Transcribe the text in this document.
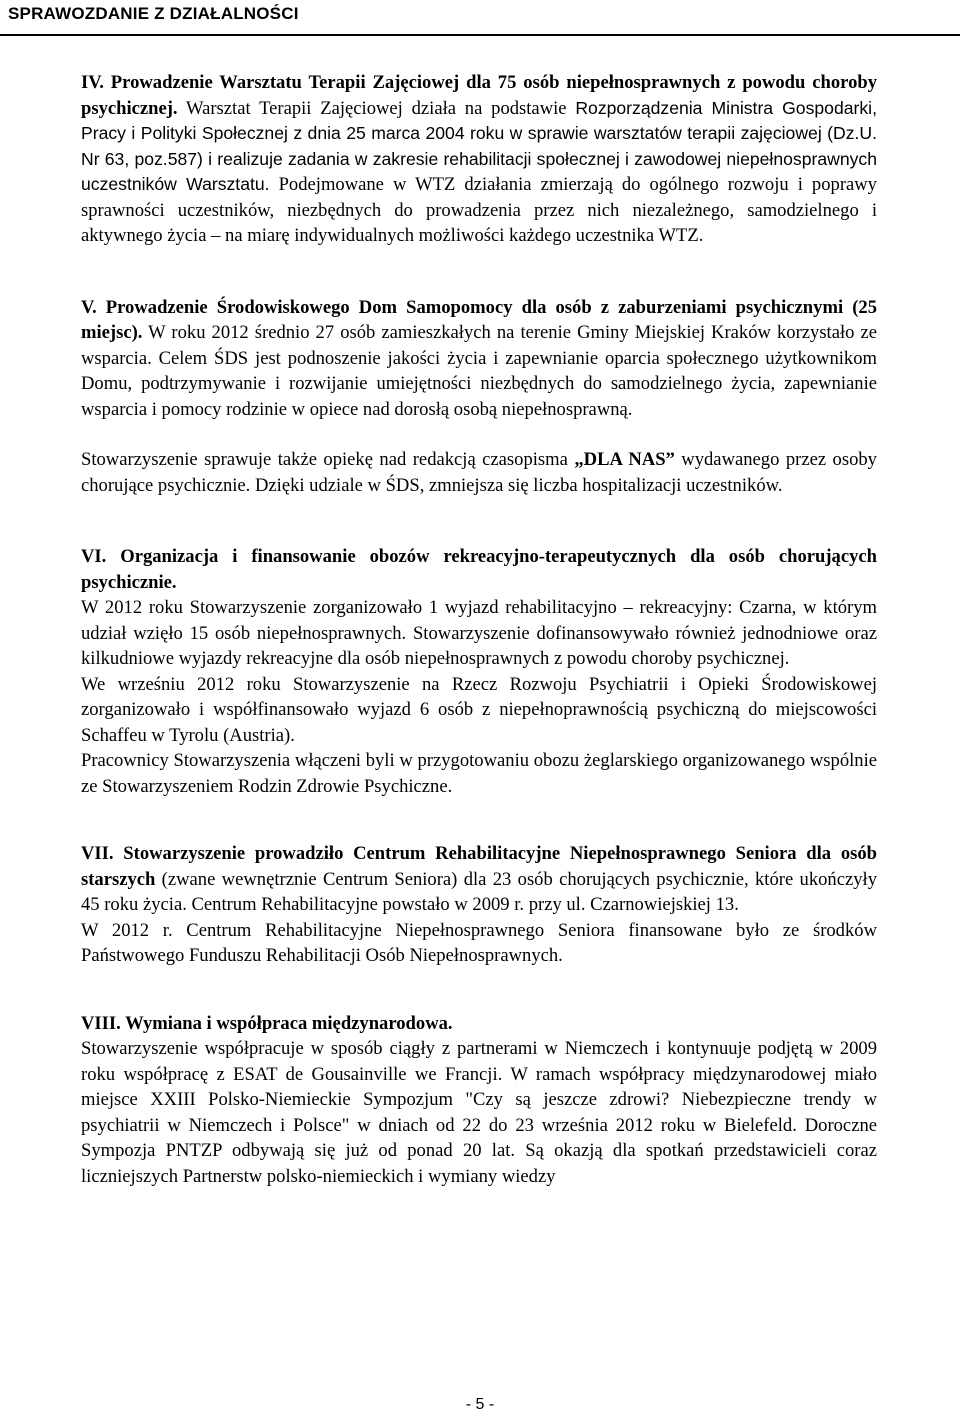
SPRAWOZDANIE Z DZIAŁALNOŚCI

IV. Prowadzenie Warsztatu Terapii Zajęciowej dla 75 osób niepełnosprawnych z powodu choroby psychicznej. Warsztat Terapii Zajęciowej działa na podstawie Rozporządzenia Ministra Gospodarki, Pracy i Polityki Społecznej z dnia 25 marca 2004 roku w sprawie warsztatów terapii zajęciowej (Dz.U. Nr 63, poz.587) i realizuje zadania w zakresie rehabilitacji społecznej i zawodowej niepełnosprawnych uczestników Warsztatu. Podejmowane w WTZ działania zmierzają do ogólnego rozwoju i poprawy sprawności uczestników, niezbędnych do prowadzenia przez nich niezależnego, samodzielnego i aktywnego życia – na miarę indywidualnych możliwości każdego uczestnika WTZ.

V. Prowadzenie Środowiskowego Dom Samopomocy dla osób z zaburzeniami psychicznymi (25 miejsc). W roku 2012 średnio 27 osób zamieszkałych na terenie Gminy Miejskiej Kraków korzystało ze wsparcia. Celem ŚDS jest podnoszenie jakości życia i zapewnianie oparcia społecznego użytkownikom Domu, podtrzymywanie i rozwijanie umiejętności niezbędnych do samodzielnego życia, zapewnianie wsparcia i pomocy rodzinie w opiece nad dorosłą osobą niepełnosprawną.

Stowarzyszenie sprawuje także opiekę nad redakcją czasopisma „DLA NAS” wydawanego przez osoby chorujące psychicznie. Dzięki udziale w ŚDS, zmniejsza się liczba hospitalizacji uczestników.

VI. Organizacja i finansowanie obozów rekreacyjno-terapeutycznych dla osób chorujących psychicznie.

W 2012 roku Stowarzyszenie zorganizowało 1 wyjazd rehabilitacyjno – rekreacyjny: Czarna, w którym udział wzięło 15 osób niepełnosprawnych. Stowarzyszenie dofinansowywało również jednodniowe oraz kilkudniowe wyjazdy rekreacyjne dla osób niepełnosprawnych z powodu choroby psychicznej.

We wrześniu 2012 roku Stowarzyszenie na Rzecz Rozwoju Psychiatrii i Opieki Środowiskowej zorganizowało i współfinansowało wyjazd 6 osób z niepełnoprawnością psychiczną do miejscowości Schaffeu w Tyrolu (Austria).

Pracownicy Stowarzyszenia włączeni byli w przygotowaniu obozu żeglarskiego organizowanego wspólnie ze Stowarzyszeniem Rodzin Zdrowie Psychiczne.

VII. Stowarzyszenie prowadziło Centrum Rehabilitacyjne Niepełnosprawnego Seniora dla osób starszych (zwane wewnętrznie Centrum Seniora) dla 23 osób chorujących psychicznie, które ukończyły 45 roku życia. Centrum Rehabilitacyjne powstało w 2009 r. przy ul. Czarnowiejskiej 13.

W 2012 r. Centrum Rehabilitacyjne Niepełnosprawnego Seniora finansowane było ze środków Państwowego Funduszu Rehabilitacji Osób Niepełnosprawnych.

VIII. Wymiana i współpraca międzynarodowa.

Stowarzyszenie współpracuje w sposób ciągły z partnerami w Niemczech i kontynuuje podjętą w 2009 roku współpracę z ESAT de Gousainville we Francji. W ramach współpracy międzynarodowej miało miejsce XXIII Polsko-Niemieckie Sympozjum "Czy są jeszcze zdrowi? Niebezpieczne trendy w psychiatrii w Niemczech i Polsce" w dniach od 22 do 23 września 2012 roku w Bielefeld. Doroczne Sympozja PNTZP odbywają się już od ponad 20 lat. Są okazją dla spotkań przedstawicieli coraz liczniejszych Partnerstw polsko-niemieckich i wymiany wiedzy

- 5 -
